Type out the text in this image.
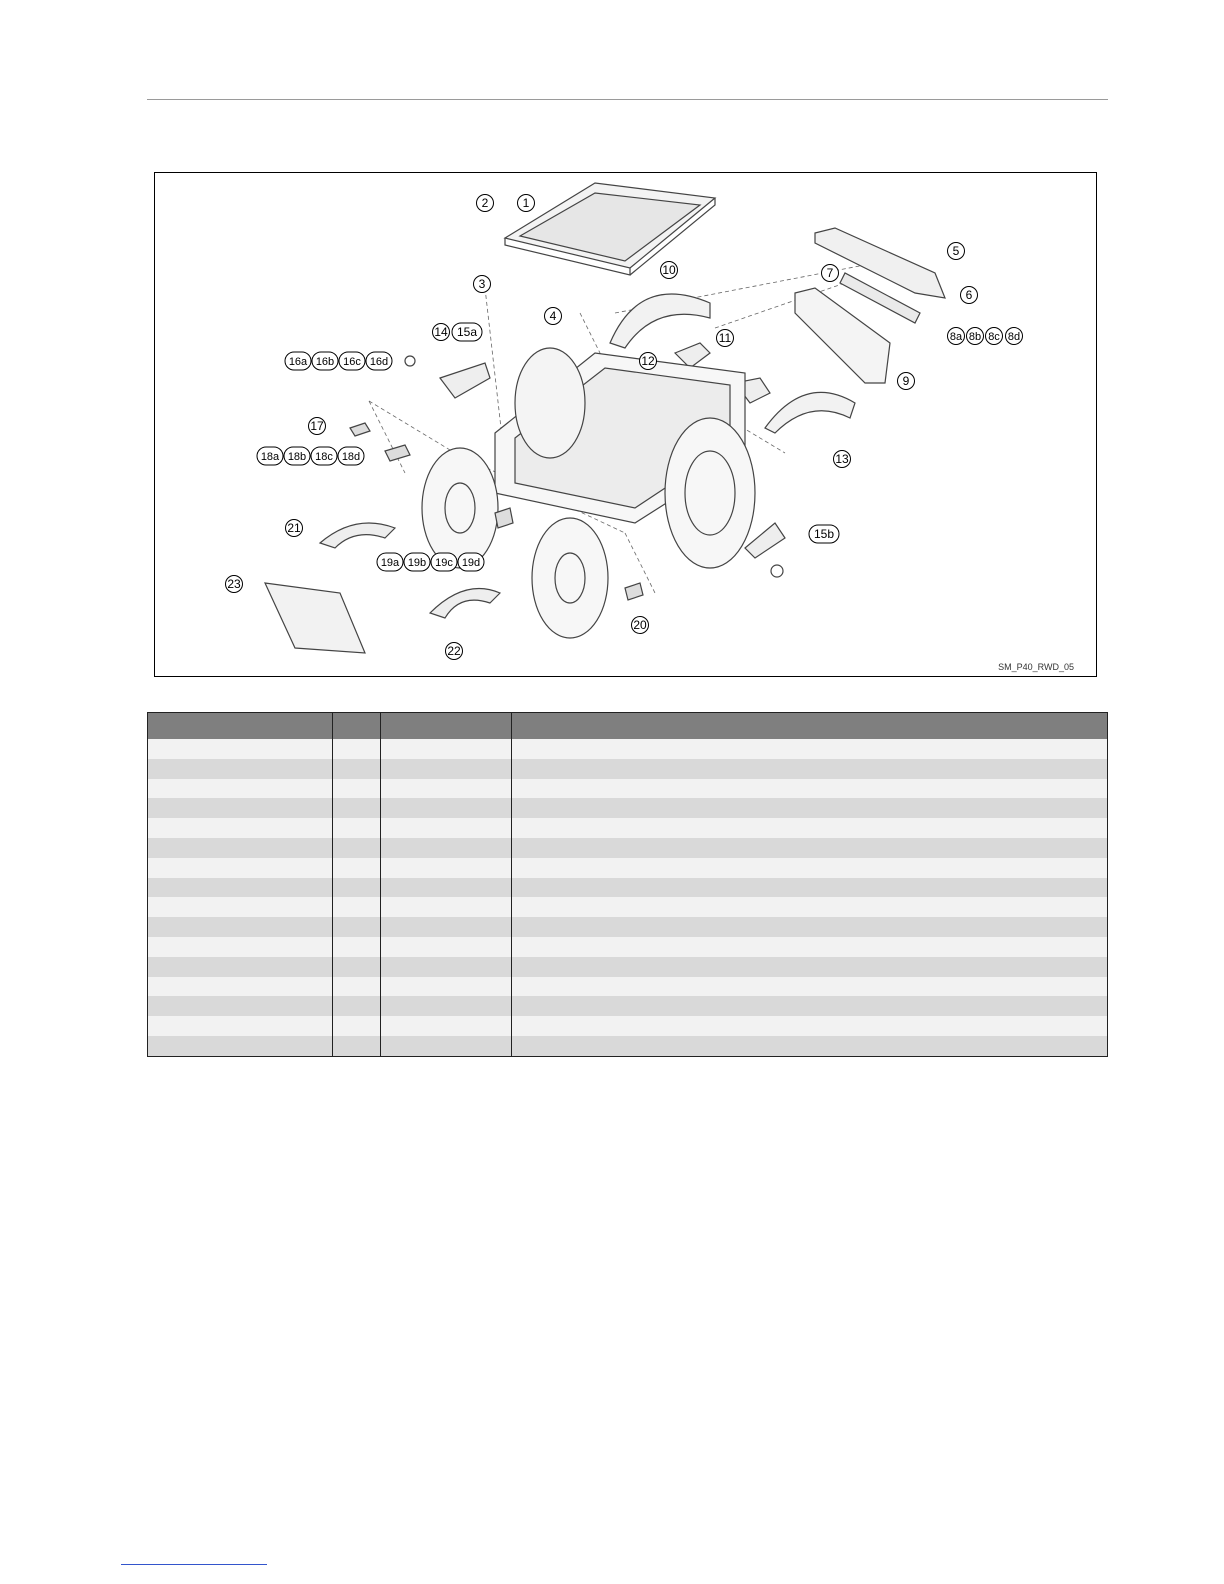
1
2
3
4
5
6
7
8a 8b 8c 8d
9
10
11
12
13
14 15a
15b
16a 16b 16c 16d
17
18a 18b 18c 18d
19a 19b 19c 19d
20
21
22
23
SM_P40_RWD_05
